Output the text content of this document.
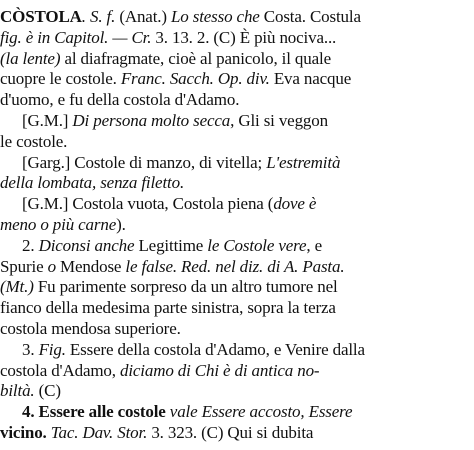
CÒSTOLA. S. f. (Anat.) Lo stesso che Costa. Costula
fig. è in Capitol. — Cr. 3. 13. 2. (C) È più nociva...
(la lente) al diafragmate, cioè al panicolo, il quale
cuopre le costole. Franc. Sacch. Op. div. Eva nacque
d'uomo, e fu della costola d'Adamo.
[G.M.] Di persona molto secca, Gli si veggon
le costole.
[Garg.] Costole di manzo, di vitella; L'estremità
della lombata, senza filetto.
[G.M.] Costola vuota, Costola piena (dove è
meno o più carne).
2. Diconsi anche Legittime le Costole vere, e
Spurie o Mendose le false. Red. nel diz. di A. Pasta.
(Mt.) Fu parimente sorpreso da un altro tumore nel
fianco della medesima parte sinistra, sopra la terza
costola mendosa superiore.
3. Fig. Essere della costola d'Adamo, e Venire dalla
costola d'Adamo, diciamo di Chi è di antica no-
biltà. (C)
4. Essere alle costole vale Essere accosto, Essere
vicino. Tac. Dav. Stor. 3. 323. (C) Qui si dubita
